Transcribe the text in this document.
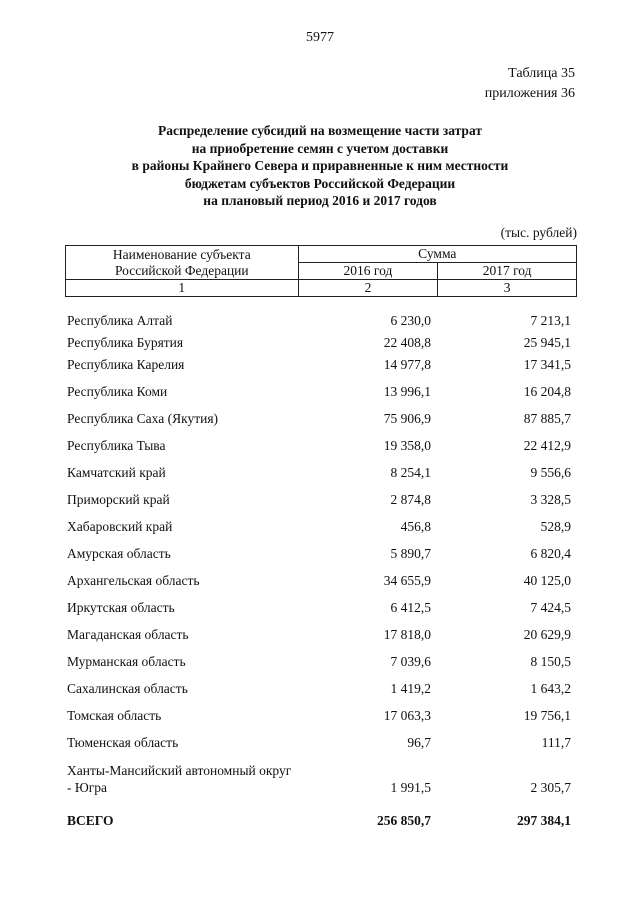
5977
Таблица 35
приложения 36
Распределение субсидий на возмещение части затрат
на приобретение семян с учетом доставки
в районы Крайнего Севера и приравненные к ним местности
бюджетам субъектов Российской Федерации
на плановый период 2016 и 2017 годов
(тыс. рублей)
Наименование субъекта
Российской Федерации	Сумма	
	2016 год	2017 год
1	2	3
Республика Алтай	6 230,0	7 213,1
Республика Бурятия	22 408,8	25 945,1
Республика Карелия	14 977,8	17 341,5
Республика Коми	13 996,1	16 204,8
Республика Саха (Якутия)	75 906,9	87 885,7
Республика Тыва	19 358,0	22 412,9
Камчатский край	8 254,1	9 556,6
Приморский край	2 874,8	3 328,5
Хабаровский край	456,8	528,9
Амурская область	5 890,7	6 820,4
Архангельская область	34 655,9	40 125,0
Иркутская область	6 412,5	7 424,5
Магаданская область	17 818,0	20 629,9
Мурманская область	7 039,6	8 150,5
Сахалинская область	1 419,2	1 643,2
Томская область	17 063,3	19 756,1
Тюменская область	96,7	111,7
Ханты-Мансийский автономный округ - Югра	1 991,5	2 305,7
ВСЕГО	256 850,7	297 384,1
